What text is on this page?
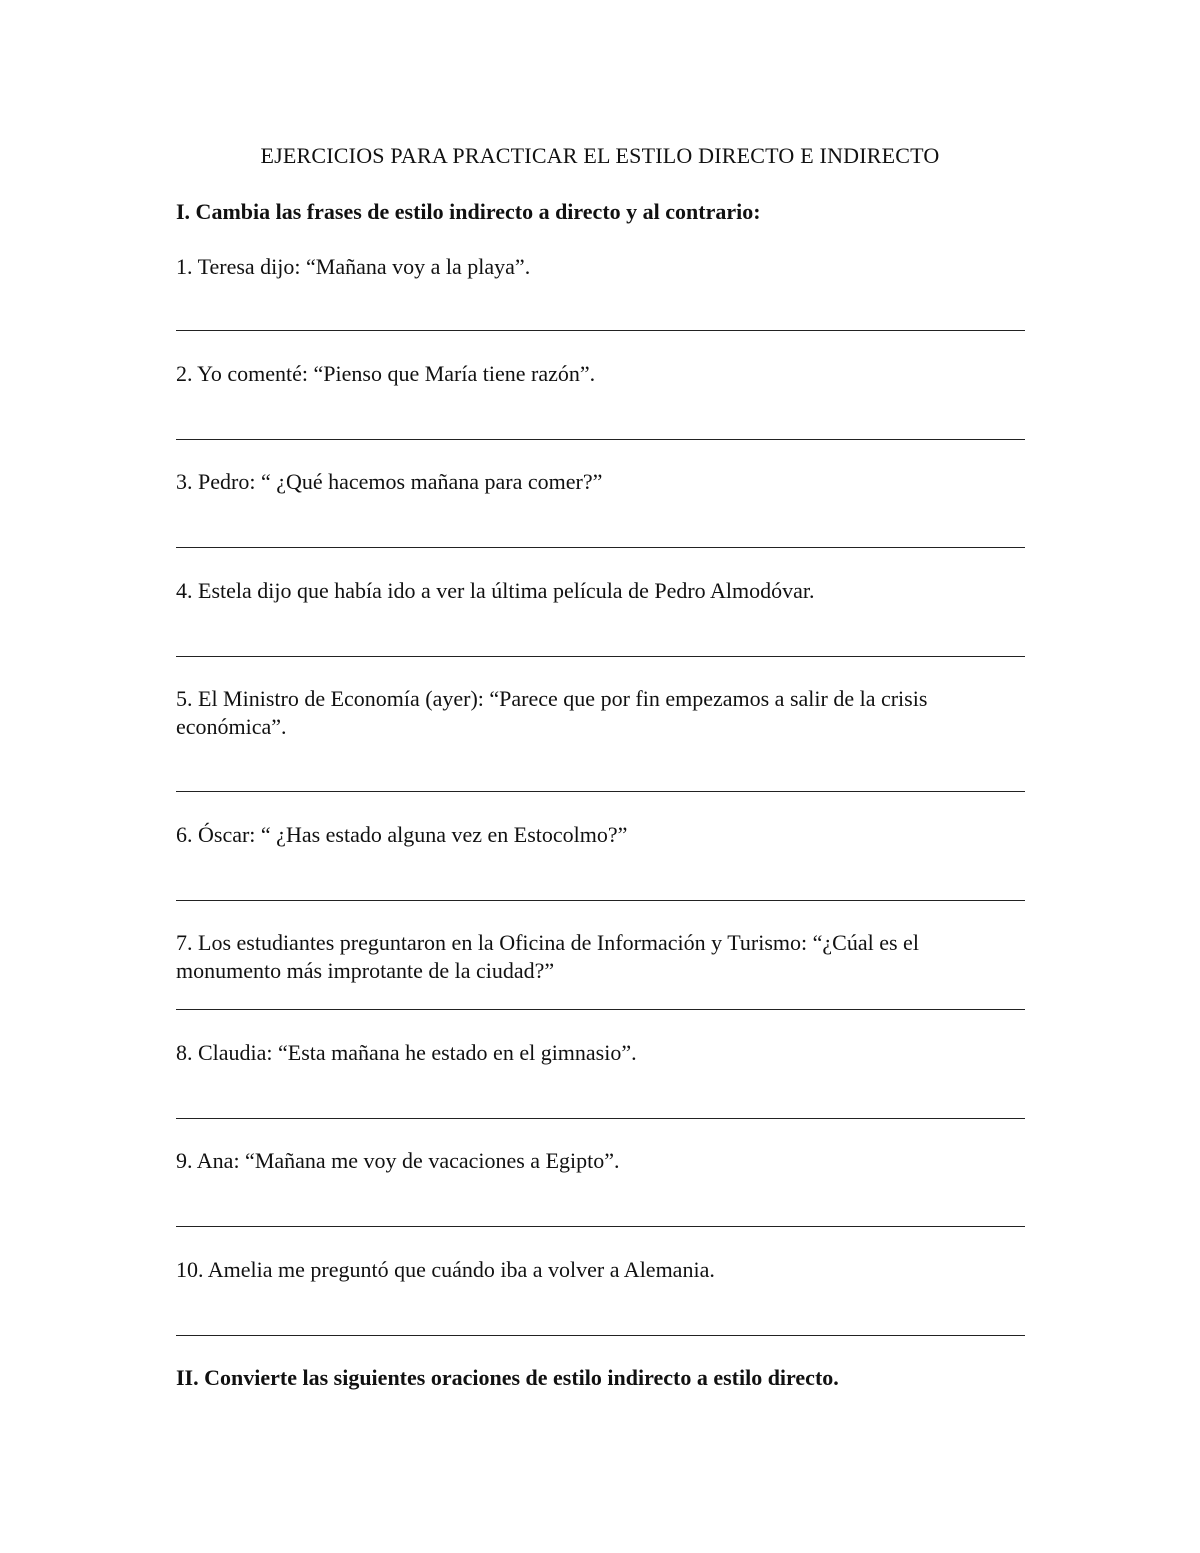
EJERCICIOS PARA PRACTICAR EL ESTILO DIRECTO E INDIRECTO
I. Cambia las frases de estilo indirecto a directo y al contrario:

1. Teresa dijo: “Mañana voy a la playa”.

2. Yo comenté: “Pienso que María tiene razón”.

3. Pedro: “ ¿Qué hacemos mañana para comer?”

4. Estela dijo que había ido a ver la última película de Pedro Almodóvar.

5. El Ministro de Economía (ayer): “Parece que por fin empezamos a salir de la crisis económica”.

6. Óscar: “ ¿Has estado alguna vez en Estocolmo?”

7. Los estudiantes preguntaron en la Oficina de Información y Turismo: “¿Cúal es el monumento más improtante de la ciudad?”

8. Claudia: “Esta mañana he estado en el gimnasio”.

9. Ana: “Mañana me voy de vacaciones a Egipto”.

10. Amelia me preguntó que cuándo iba a volver a Alemania.

II. Convierte las siguientes oraciones de estilo indirecto a estilo directo.
